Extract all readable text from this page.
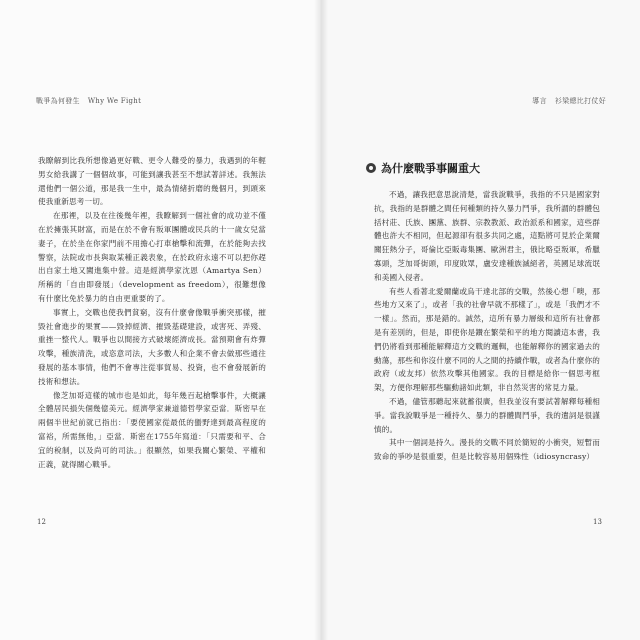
戰爭為何發生 Why We Fight

我瞭解到比我所想像過更好戰、更令人難受的暴力，我遇到的年輕男女給我講了一個個故事，可能到讓我甚至不想試著詳述。我無法還他們一個公道，那是我一生中，最為情緒折磨的幾個月，到頭來使我重新思考一切。

在那裡，以及在往後幾年裡，我瞭解到一個社會的成功並不僅在於擁張其財富，而是在於不會有叛軍團體或民兵的十一歲女兒當妻子，在於坐在你家門前不用擔心打車槍擊和流彈，在於能夠去找警察，法院或市長與取某種正義表象，在於政府永遠不可以把你趕出自家土地又闖進集中營。這是經濟學家沈恩（Amartya Sen）所稱的「自由即發展」（development as freedom），很難想像有什麼比免於暴力的自由更重要的了。

事實上，交戰也使我們貧窮，沒有什麼會像戰爭衝突那樣，摧毀社會進步的果實——毀掉經濟、摧毀基礎建設，或害死、弄殘、重挫一整代人。戰爭也以間接方式破壞經濟成長。當預期會有炸彈攻擊，種族清洗，或恣意司法，大多數人和企業不會去做那些通往發展的基本事情，他們不會專注從事貿易、投資，也不會發展新的技術和想法。

像芝加哥這樣的城市也是如此，每年幾百起槍擊事件，大概讓全體居民損失個幾億美元。經濟學家兼道德哲學家亞當．斯密早在兩個半世紀前就已指出：「要使國家從最低的蠻野達到最高程度的富裕，所需無他，」亞當．斯密在1755年寫道：「只需要和平、合宜的稅制，以及尚可的司法。」很顯然，如果我關心繁榮、平權和正義，就得關心戰爭。

12
導言 衫梁總比打仗好
為什麼戰爭事關重大

不過，讓我把意思說清楚，當我說戰爭，我指的不只是國家對抗，我指的是群體之間任何種類的持久暴力鬥爭，我所謂的群體包括村莊、氏族、團黨、族群、宗教教派、政治派系和國家，這些群體也許大不相同，但起源卻有很多共同之處，這點將可見於企業爾關狂熱分子，哥倫比亞販毒集團、歐洲君主，俄比略亞叛軍，希臘寡頭，芝加哥街頭，印度敗眾，盧安達種族滅絕者，英國足球流氓和美國入侵者。

有些人看著北愛爾蘭或烏干達北部的交戰，然後心想「噢，那些地方又來了」，或者「我的社會早就不那樣了」，或是「我們才不一樣」。然而，那是錯的。誠然，這所有暴力層級和這所有社會都是有差別的，但是，即使你是鑽在繁榮和平的地方閱讀這本書，我們仍將看到那種能解釋這方交戰的邏輯，也能解釋你的國家過去的動蕩，那些和你沒什麼不同的人之間的持續作戰，或者為什麼你的政府（或友邦）依然攻擊其他國家。我的目標是給你一個思考框架，方便你理解那些驅動諸如此類，非自然災害的常見力量。

不過，儘管那聽起來就蓄很廣，但我並沒有要試著解釋每種相爭。當我說戰爭是一種持久、暴力的群體間鬥爭，我的遺詞是很謹慎的。

其中一個詞是持久。漫長的交戰不同於簡短的小衝突，短暫而致命的爭吵是很重要，但是比較容易用個殊性（idiosyncrasy）

13
